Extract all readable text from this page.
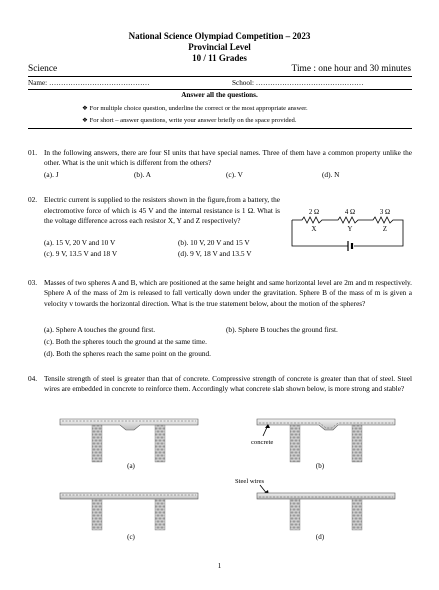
National Science Olympiad Competition – 2023
Provincial Level
10 / 11 Grades
Science	Time : one hour and 30 minutes
Name: ……………………………………	School: ………………………………………
Answer all the questions.
❖ For multiple choice question, underline the correct or the most appropriate answer.
❖ For short – answer questions, write your answer briefly on the space provided.
01. In the following answers, there are four SI units that have special names. Three of them have a common property unlike the other. What is the unit which is different from the others?
(a). J	(b). A	(c). V	(d). N
02. Electric current is supplied to the resisters shown in the figure,from a battery, the electromotive force of which is 45 V and the internal resistance is 1 Ω. What is the voltage difference across each resistor X, Y and Z respectively?
2 Ω	4 Ω	3 Ω
X	Y	Z
(a). 15 V, 20 V and 10 V	(b). 10 V, 20 V and 15 V
(c). 9 V, 13.5 V and 18 V	(d). 9 V, 18 V and 13.5 V
03. Masses of two spheres A and B, which are positioned at the same height and same horizontal level are 2m and m respectively. Sphere A of the mass of 2m is released to fall vertically down under the gravitation. Sphere B of the mass of m is given a velocity v towards the horizontal direction. What is the true statement below, about the motion of the spheres?
(a). Sphere A touches the ground first.	(b). Sphere B touches the ground first.
(c). Both the spheres touch the ground at the same time.
(d). Both the spheres reach the same point on the ground.
04. Tensile strength of steel is greater than that of concrete. Compressive strength of concrete is greater than that of steel. Steel wires are embedded in concrete to reinforce them. Accordingly what concrete slab shown below, is more strong and stable?
(a)
concrete
(b)
(c)
Steel wires
(d)
1
